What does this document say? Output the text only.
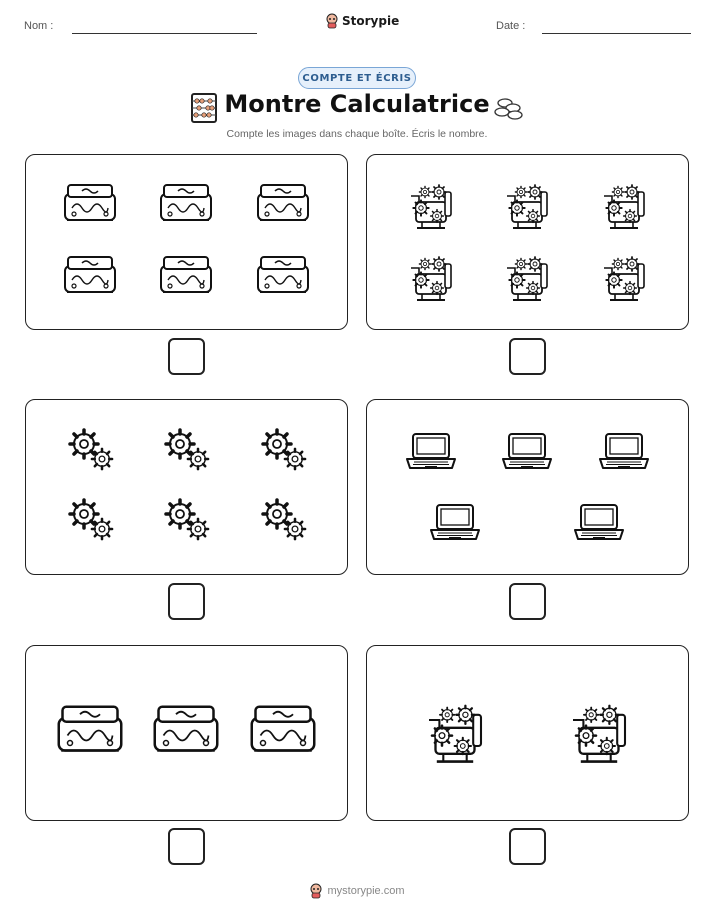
Nom :	Storypie	Date :
COMPTE ET ÉCRIS
Montre Calculatrice
Compte les images dans chaque boîte. Écris le nombre.
mystorypie.com
